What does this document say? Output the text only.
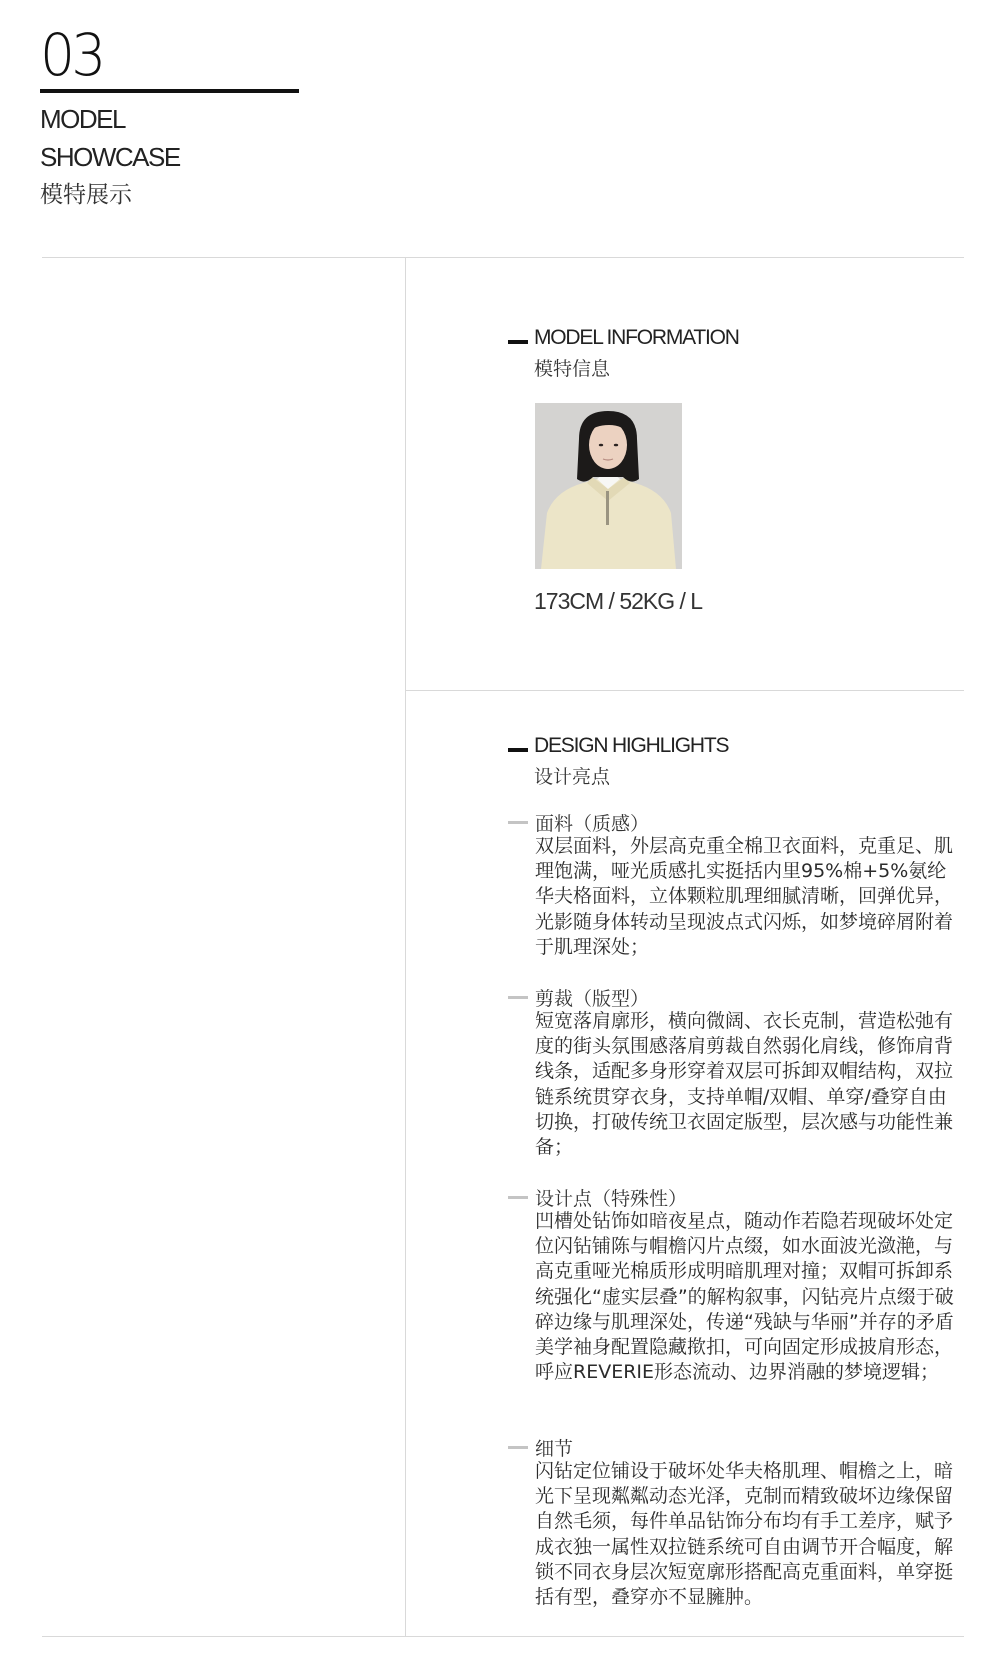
03
MODEL
SHOWCASE
模特展示
MODEL INFORMATION
模特信息
173CM / 52KG / L
DESIGN HIGHLIGHTS
设计亮点
面料（质感）
双层面料，外层高克重全棉卫衣面料，克重足、肌理饱满，哑光质感扎实挺括内里95%棉+5%氨纶华夫格面料，立体颗粒肌理细腻清晰，回弹优异，光影随身体转动呈现波点式闪烁，如梦境碎屑附着于肌理深处；
剪裁（版型）
短宽落肩廓形，横向微阔、衣长克制，营造松弛有度的街头氛围感落肩剪裁自然弱化肩线，修饰肩背线条，适配多身形穿着双层可拆卸双帽结构，双拉链系统贯穿衣身，支持单帽/双帽、单穿/叠穿自由切换，打破传统卫衣固定版型，层次感与功能性兼备；
设计点（特殊性）
凹槽处钻饰如暗夜星点，随动作若隐若现破坏处定位闪钻铺陈与帽檐闪片点缀，如水面波光潋滟，与高克重哑光棉质形成明暗肌理对撞；双帽可拆卸系统强化“虚实层叠”的解构叙事，闪钻亮片点缀于破碎边缘与肌理深处，传递“残缺与华丽”并存的矛盾美学袖身配置隐藏揿扣，可向固定形成披肩形态，呼应REVERIE形态流动、边界消融的梦境逻辑；
细节
闪钻定位铺设于破坏处华夫格肌理、帽檐之上，暗光下呈现粼粼动态光泽，克制而精致破坏边缘保留自然毛须，每件单品钻饰分布均有手工差序，赋予成衣独一属性双拉链系统可自由调节开合幅度，解锁不同衣身层次短宽廓形搭配高克重面料，单穿挺括有型，叠穿亦不显臃肿。
